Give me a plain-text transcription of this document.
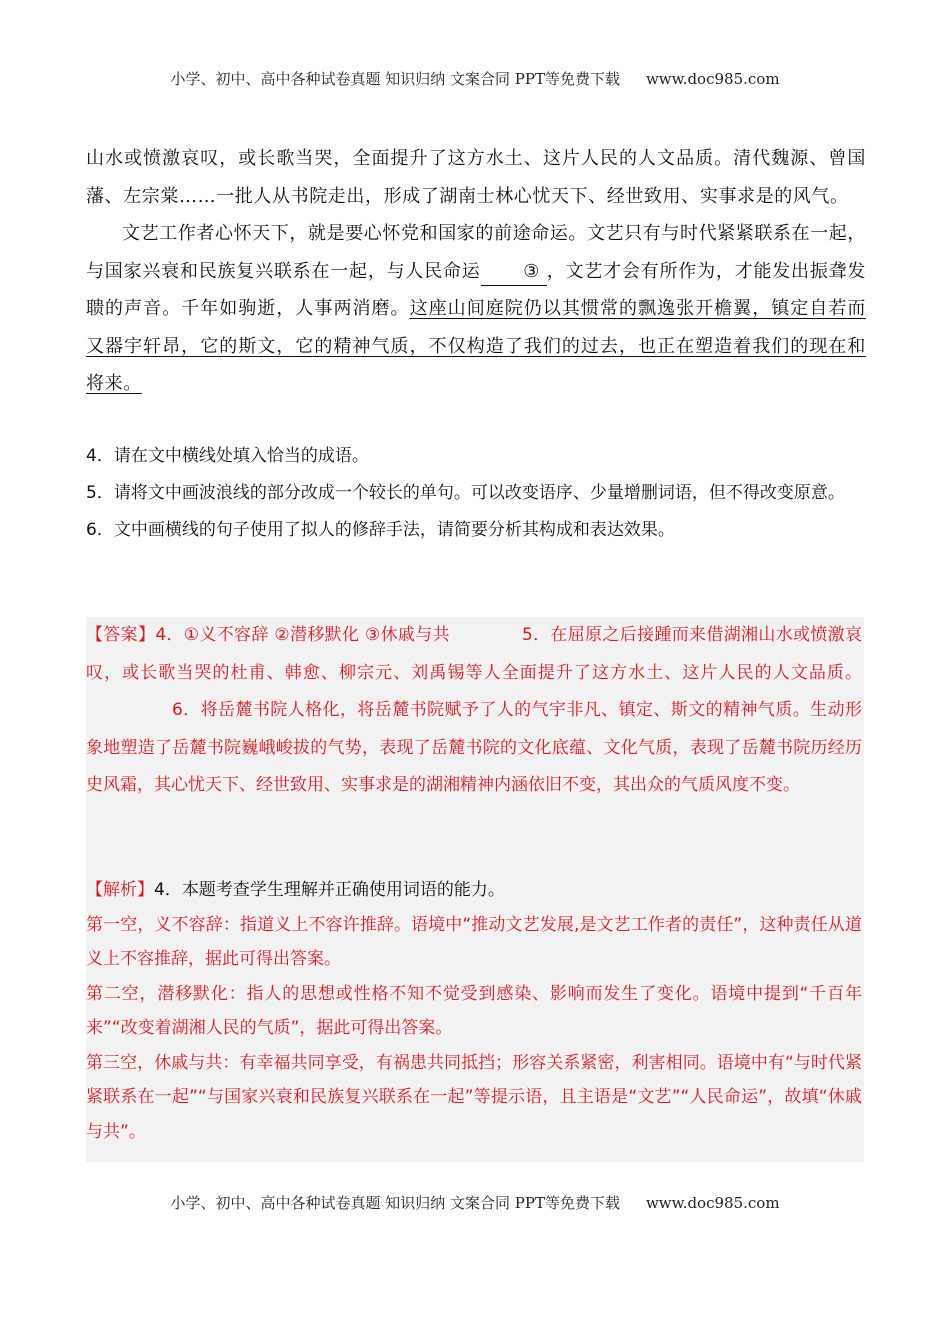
小学、初中、高中各种试卷真题 知识归纳 文案合同 PPT等免费下载 www.doc985.com

山水或愤激哀叹，或长歌当哭，全面提升了这方水土、这片人民的人文品质。清代魏源、曾国藩、左宗棠……一批人从书院走出，形成了湖南士林心忧天下、经世致用、实事求是的风气。

文艺工作者心怀天下，就是要心怀党和国家的前途命运。文艺只有与时代紧紧联系在一起，与国家兴衰和民族复兴联系在一起，与人民命运 ③ ，文艺才会有所作为，才能发出振聋发聩的声音。千年如驹逝，人事两消磨。这座山间庭院仍以其惯常的飘逸张开檐翼，镇定自若而又器宇轩昂，它的斯文，它的精神气质，不仅构造了我们的过去，也正在塑造着我们的现在和将来。

4．请在文中横线处填入恰当的成语。

5．请将文中画波浪线的部分改成一个较长的单句。可以改变语序、少量增删词语，但不得改变原意。

6．文中画横线的句子使用了拟人的修辞手法，请简要分析其构成和表达效果。

【答案】4．①义不容辞 ②潜移默化 ③休戚与共	5．在屈原之后接踵而来借湖湘山水或愤激哀叹，或长歌当哭的杜甫、韩愈、柳宗元、刘禹锡等人全面提升了这方水土、这片人民的人文品质。6．将岳麓书院人格化，将岳麓书院赋予了人的气宇非凡、镇定、斯文的精神气质。生动形象地塑造了岳麓书院巍峨峻拔的气势，表现了岳麓书院的文化底蕴、文化气质，表现了岳麓书院历经历史风霜，其心忧天下、经世致用、实事求是的湖湘精神内涵依旧不变，其出众的气质风度不变。

【解析】4．本题考查学生理解并正确使用词语的能力。

第一空，义不容辞：指道义上不容许推辞。语境中“推动文艺发展,是文艺工作者的责任”，这种责任从道义上不容推辞，据此可得出答案。

第二空，潜移默化：指人的思想或性格不知不觉受到感染、影响而发生了变化。语境中提到“千百年来”“改变着湖湘人民的气质”，据此可得出答案。

第三空，休戚与共：有幸福共同享受，有祸患共同抵挡；形容关系紧密，利害相同。语境中有“与时代紧紧联系在一起”“与国家兴衰和民族复兴联系在一起”等提示语，且主语是“文艺”“人民命运”，故填“休戚与共”。

小学、初中、高中各种试卷真题 知识归纳 文案合同 PPT等免费下载 www.doc985.com
